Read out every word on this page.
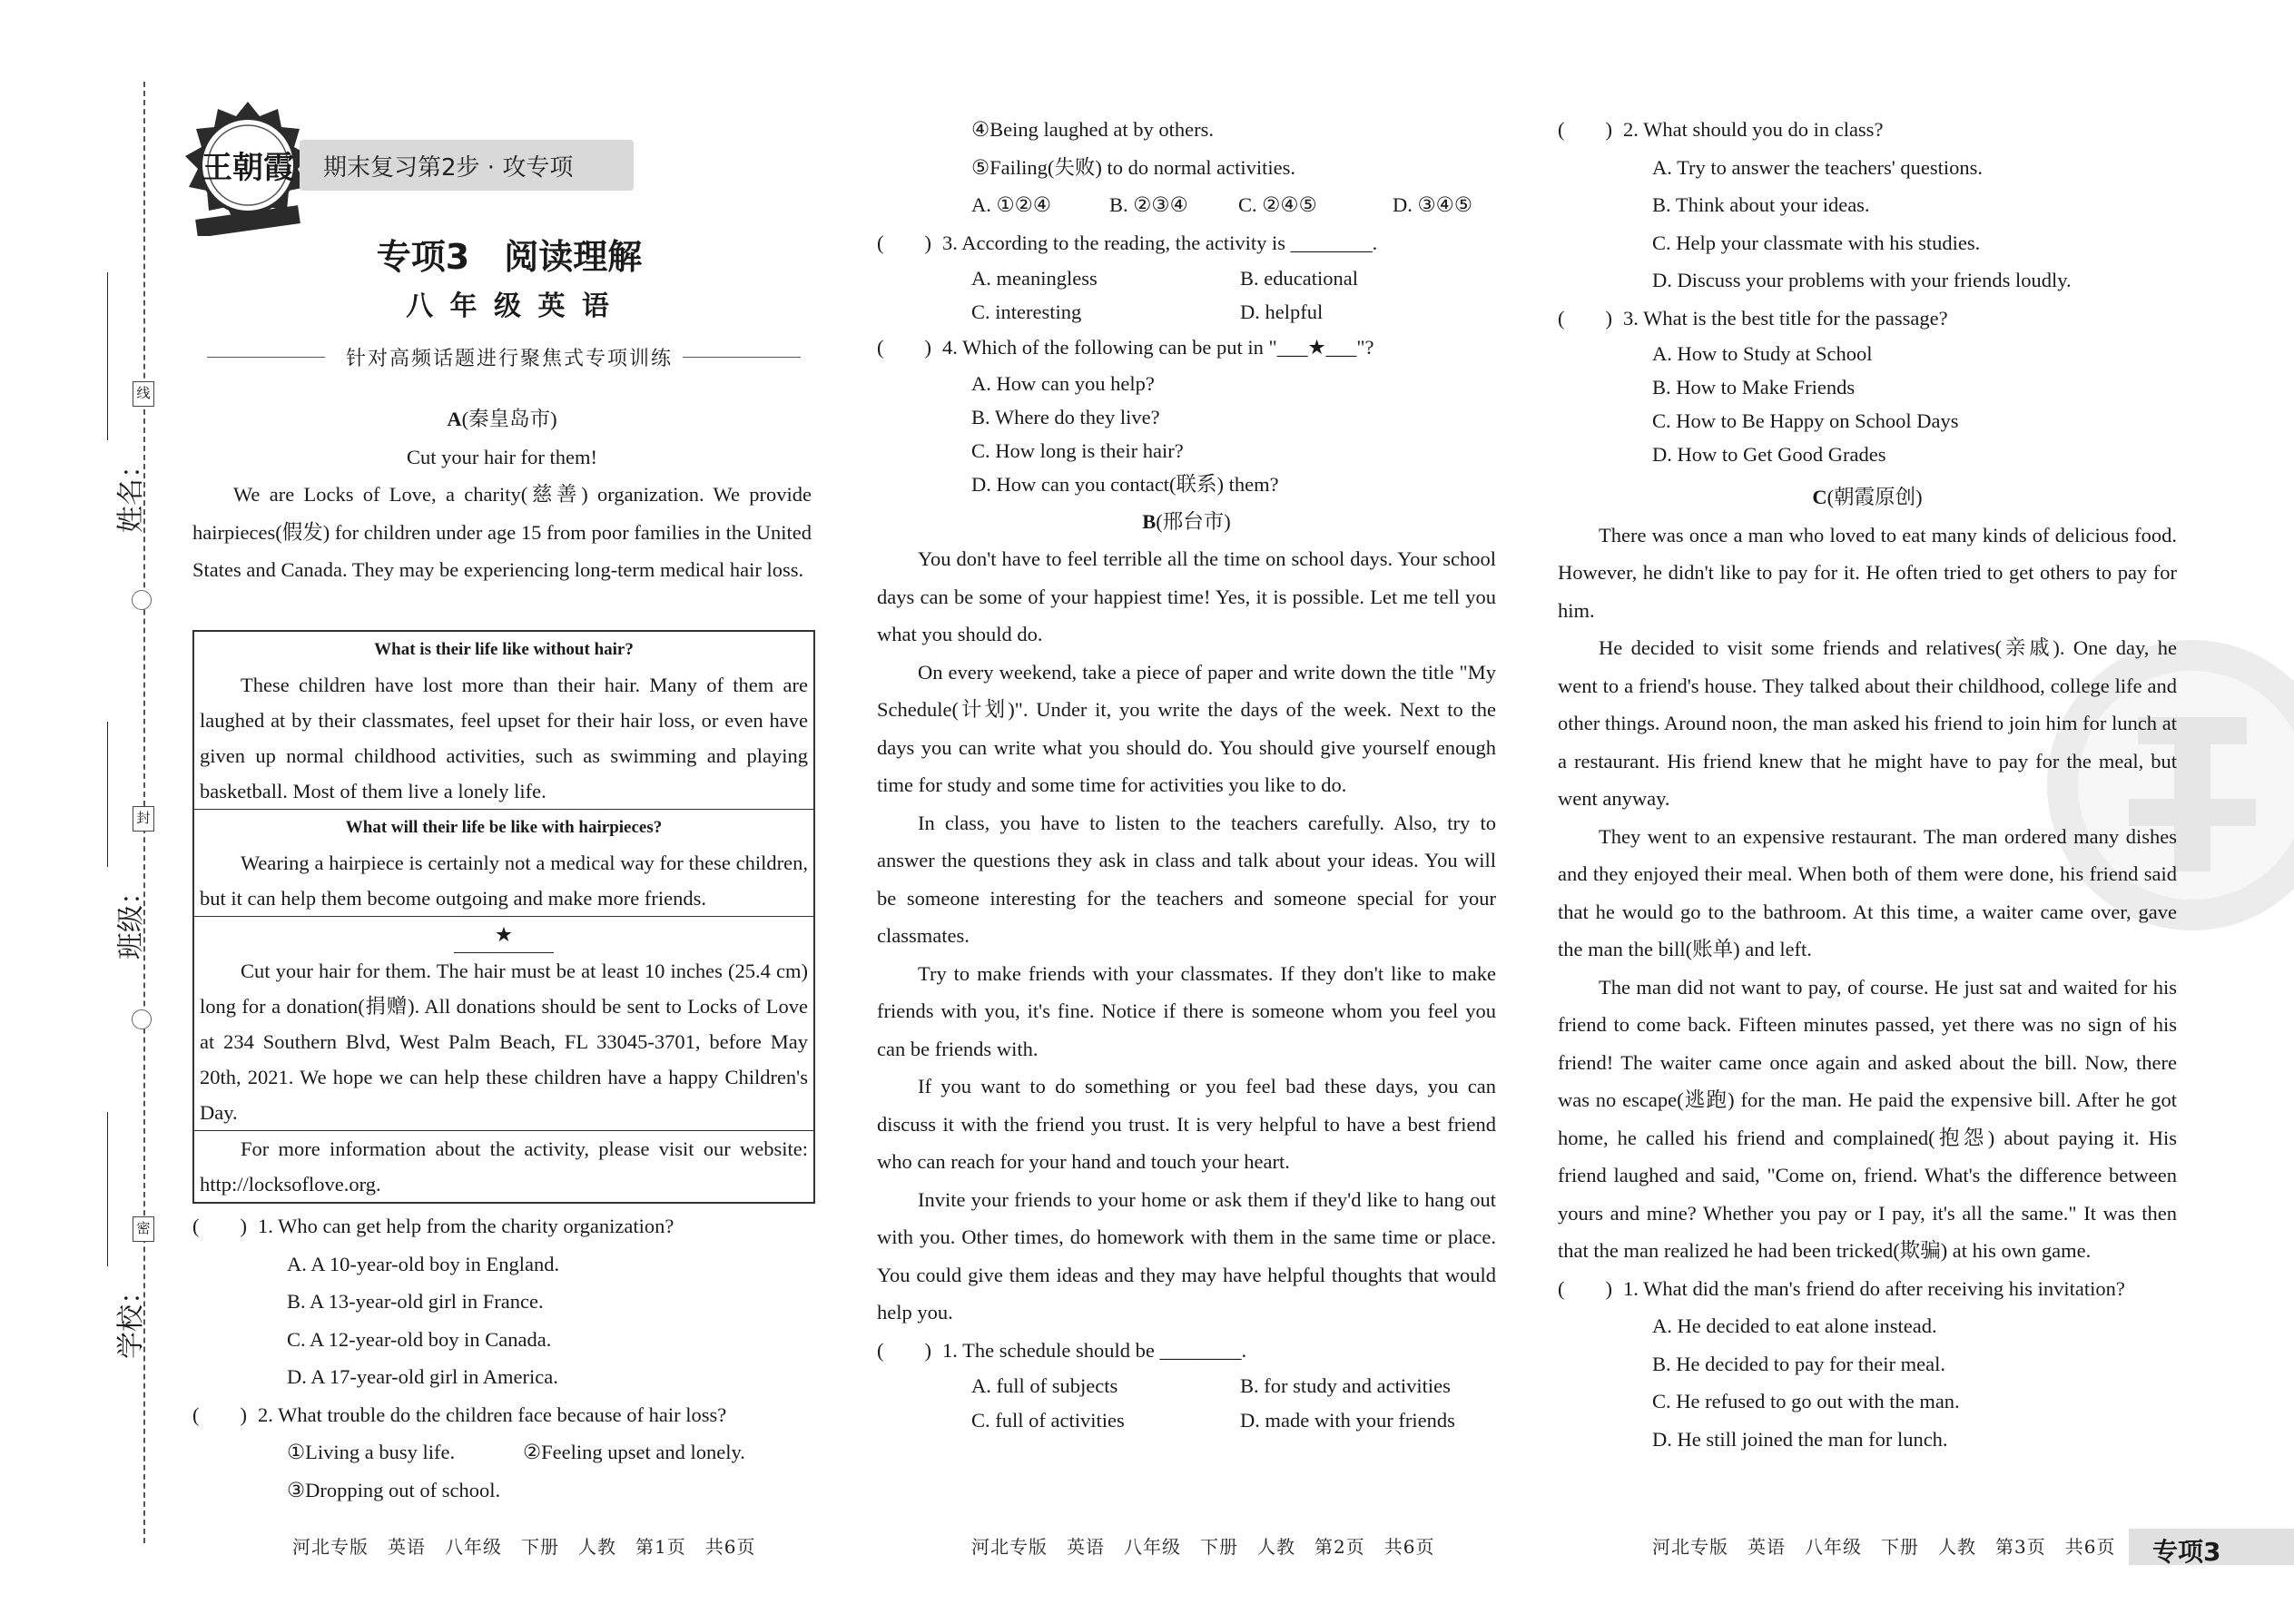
姓名：
班级：
学校：
线
封
密
王朝霞 期末复习第2步 · 攻专项
专项3　阅读理解
八 年 级 英 语
针对高频话题进行聚焦式专项训练

A(秦皇岛市)

Cut your hair for them!

We are Locks of Love, a charity(慈善) organization. We provide hairpieces(假发) for children under age 15 from poor families in the United States and Canada. They may be experiencing long-term medical hair loss.

What is their life like without hair?

These children have lost more than their hair. Many of them are laughed at by their classmates, feel upset for their hair loss, or even have given up normal childhood activities, such as swimming and playing basketball. Most of them live a lonely life.

What will their life be like with hairpieces?

Wearing a hairpiece is certainly not a medical way for these children, but it can help them become outgoing and make more friends.

★

Cut your hair for them. The hair must be at least 10 inches (25.4 cm) long for a donation(捐赠). All donations should be sent to Locks of Love at 234 Southern Blvd, West Palm Beach, FL 33045-3701, before May 20th, 2021. We hope we can help these children have a happy Children's Day.

For more information about the activity, please visit our website: http://locksoflove.org.

(　　) 1. Who can get help from the charity organization?

A. A 10-year-old boy in England.

B. A 13-year-old girl in France.

C. A 12-year-old boy in Canada.

D. A 17-year-old girl in America.

(　　) 2. What trouble do the children face because of hair loss?
①Living a busy life.	②Feeling upset and lonely.

③Dropping out of school.

④Being laughed at by others.

⑤Failing(失败) to do normal activities.

A. ①②④	B. ②③④	C. ②④⑤	D. ③④⑤
(　　) 3. According to the reading, the activity is ________.
A. meaningless	B. educational
C. interesting	D. helpful
(　　) 4. Which of the following can be put in "___★___"?

A. How can you help?

B. Where do they live?

C. How long is their hair?

D. How can you contact(联系) them?

B(邢台市)

You don't have to feel terrible all the time on school days. Your school days can be some of your happiest time! Yes, it is possible. Let me tell you what you should do.

On every weekend, take a piece of paper and write down the title "My Schedule(计划)". Under it, you write the days of the week. Next to the days you can write what you should do. You should give yourself enough time for study and some time for activities you like to do.

In class, you have to listen to the teachers carefully. Also, try to answer the questions they ask in class and talk about your ideas. You will be someone interesting for the teachers and someone special for your classmates.

Try to make friends with your classmates. If they don't like to make friends with you, it's fine. Notice if there is someone whom you feel you can be friends with.

If you want to do something or you feel bad these days, you can discuss it with the friend you trust. It is very helpful to have a best friend who can reach for your hand and touch your heart.

Invite your friends to your home or ask them if they'd like to hang out with you. Other times, do homework with them in the same time or place. You could give them ideas and they may have helpful thoughts that would help you.

(　　) 1. The schedule should be ________.
A. full of subjects	B. for study and activities
C. full of activities	D. made with your friends
(　　) 2. What should you do in class?

A. Try to answer the teachers' questions.

B. Think about your ideas.

C. Help your classmate with his studies.

D. Discuss your problems with your friends loudly.

(　　) 3. What is the best title for the passage?

A. How to Study at School

B. How to Make Friends

C. How to Be Happy on School Days

D. How to Get Good Grades

C(朝霞原创)

There was once a man who loved to eat many kinds of delicious food. However, he didn't like to pay for it. He often tried to get others to pay for him.

He decided to visit some friends and relatives(亲戚). One day, he went to a friend's house. They talked about their childhood, college life and other things. Around noon, the man asked his friend to join him for lunch at a restaurant. His friend knew that he might have to pay for the meal, but went anyway.

They went to an expensive restaurant. The man ordered many dishes and they enjoyed their meal. When both of them were done, his friend said that he would go to the bathroom. At this time, a waiter came over, gave the man the bill(账单) and left.

The man did not want to pay, of course. He just sat and waited for his friend to come back. Fifteen minutes passed, yet there was no sign of his friend! The waiter came once again and asked about the bill. Now, there was no escape(逃跑) for the man. He paid the expensive bill. After he got home, he called his friend and complained(抱怨) about paying it. His friend laughed and said, "Come on, friend. What's the difference between yours and mine? Whether you pay or I pay, it's all the same." It was then that the man realized he had been tricked(欺骗) at his own game.

(　　) 1. What did the man's friend do after receiving his invitation?

A. He decided to eat alone instead.

B. He decided to pay for their meal.

C. He refused to go out with the man.

D. He still joined the man for lunch.

河北专版　英语　八年级　下册　人教　第1页　共6页	河北专版　英语　八年级　下册　人教　第2页　共6页	河北专版　英语　八年级　下册　人教　第3页　共6页 专项3
